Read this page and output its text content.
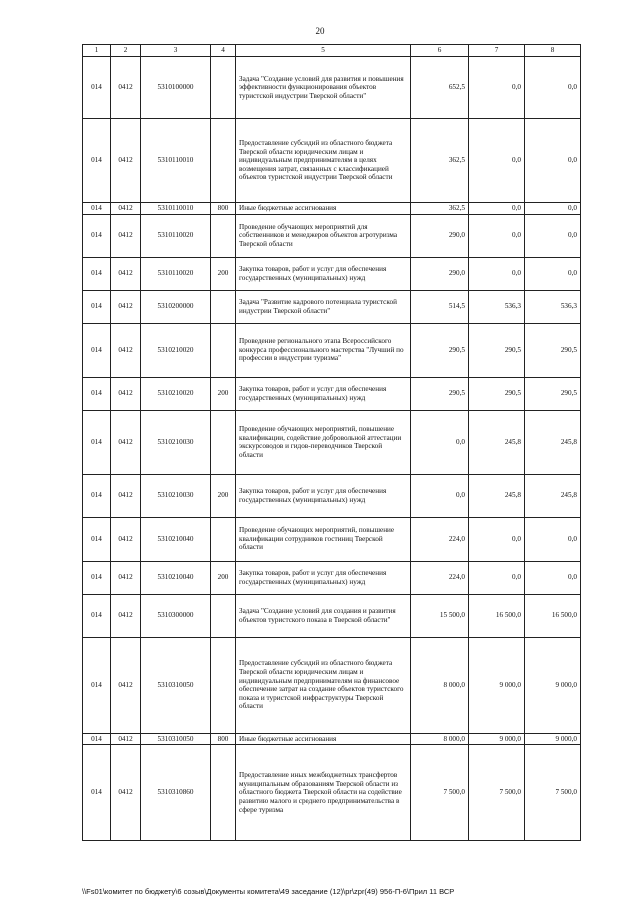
20
1	2	3	4	5	6	7	8
014	0412	5310100000		Задача "Создание условий для развития и повышения эффективности функционирования объектов туристской индустрии Тверской области"	652,5	0,0	0,0
014	0412	5310110010		Предоставление субсидий из областного бюджета Тверской области юридическим лицам и индивидуальным предпринимателям в целях возмещения затрат, связанных с классификацией объектов туристской индустрии Тверской области	362,5	0,0	0,0
014	0412	5310110010	800	Иные бюджетные ассигнования	362,5	0,0	0,0
014	0412	5310110020		Проведение обучающих мероприятий для собственников и менеджеров объектов агротуризма Тверской области	290,0	0,0	0,0
014	0412	5310110020	200	Закупка товаров, работ и услуг для обеспечения государственных (муниципальных) нужд	290,0	0,0	0,0
014	0412	5310200000		Задача "Развитие кадрового потенциала туристской индустрии Тверской области"	514,5	536,3	536,3
014	0412	5310210020		Проведение регионального этапа Всероссийского конкурса профессионального мастерства "Лучший по профессии в индустрии туризма"	290,5	290,5	290,5
014	0412	5310210020	200	Закупка товаров, работ и услуг для обеспечения государственных (муниципальных) нужд	290,5	290,5	290,5
014	0412	5310210030		Проведение обучающих мероприятий, повышение квалификации, содействие добровольной аттестации экскурсоводов и гидов-переводчиков Тверской области	0,0	245,8	245,8
014	0412	5310210030	200	Закупка товаров, работ и услуг для обеспечения государственных (муниципальных) нужд	0,0	245,8	245,8
014	0412	5310210040		Проведение обучающих мероприятий, повышение квалификации сотрудников гостиниц Тверской области	224,0	0,0	0,0
014	0412	5310210040	200	Закупка товаров, работ и услуг для обеспечения государственных (муниципальных) нужд	224,0	0,0	0,0
014	0412	5310300000		Задача "Создание условий для создания и развития объектов туристского показа в Тверской области"	15 500,0	16 500,0	16 500,0
014	0412	5310310050		Предоставление субсидий из областного бюджета Тверской области юридическим лицам и индивидуальным предпринимателям на финансовое обеспечение затрат на создание объектов туристского показа и туристской инфраструктуры Тверской области	8 000,0	9 000,0	9 000,0
014	0412	5310310050	800	Иные бюджетные ассигнования	8 000,0	9 000,0	9 000,0
014	0412	5310310860		Предоставление иных межбюджетных трансфертов муниципальным образованиям Тверской области из областного бюджета Тверской области на содействие развитию малого и среднего предпринимательства в сфере туризма	7 500,0	7 500,0	7 500,0
\\Fs01\комитет по бюджету\6 созыв\Документы комитета\49 заседание (12)\pr\zpr(49) 956-П-6\Прил 11 ВСР
